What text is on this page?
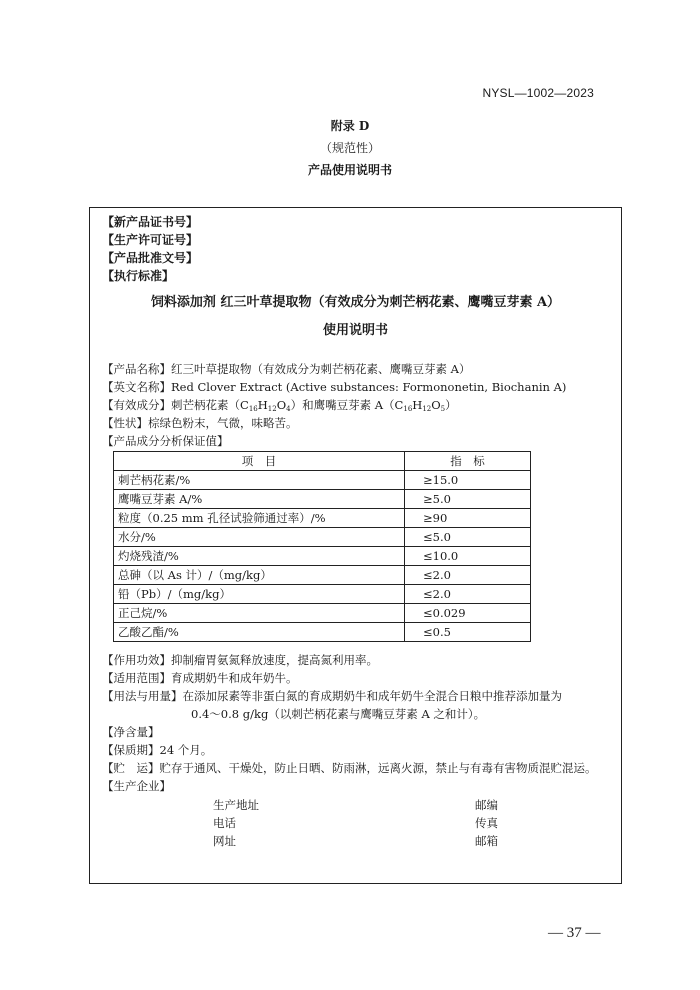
NYSL—1002—2023
附录 D
（规范性）
产品使用说明书
【新产品证书号】
【生产许可证号】
【产品批准文号】
【执行标准】
饲料添加剂 红三叶草提取物（有效成分为刺芒柄花素、鹰嘴豆芽素 A）
使用说明书
【产品名称】红三叶草提取物（有效成分为刺芒柄花素、鹰嘴豆芽素 A）
【英文名称】Red Clover Extract (Active substances: Formononetin, Biochanin A)
【有效成分】刺芒柄花素$(C_{16}H_{12}O_4)$和鹰嘴豆芽素 $A(C_{16}H_{12}O_5)$
【性状】棕绿色粉末，气微，味略苦。
【产品成分分析保证值】
项　目	指　标
刺芒柄花素/%	≥15.0
鹰嘴豆芽素 A/%	≥5.0
粒度（0.25 mm 孔径试验筛通过率）/%	≥90
水分/%	≤5.0
灼烧残渣/%	≤10.0
总砷（以 As 计）/（mg/kg）	≤2.0
铅（Pb）/（mg/kg）	≤2.0
正己烷/%	≤0.029
乙酸乙酯/%	≤0.5
【作用功效】抑制瘤胃氨氮释放速度，提高氮利用率。
【适用范围】育成期奶牛和成年奶牛。
【用法与用量】在添加尿素等非蛋白氮的育成期奶牛和成年奶牛全混合日粮中推荐添加量为
0.4～0.8 g/kg（以刺芒柄花素与鹰嘴豆芽素 A 之和计）。
【净含量】
【保质期】24 个月。
【贮　运】贮存于通风、干燥处，防止日晒、防雨淋，远离火源，禁止与有毒有害物质混贮混运。
【生产企业】
生产地址	邮编
电话	传真
网址	邮箱
— 37 —
